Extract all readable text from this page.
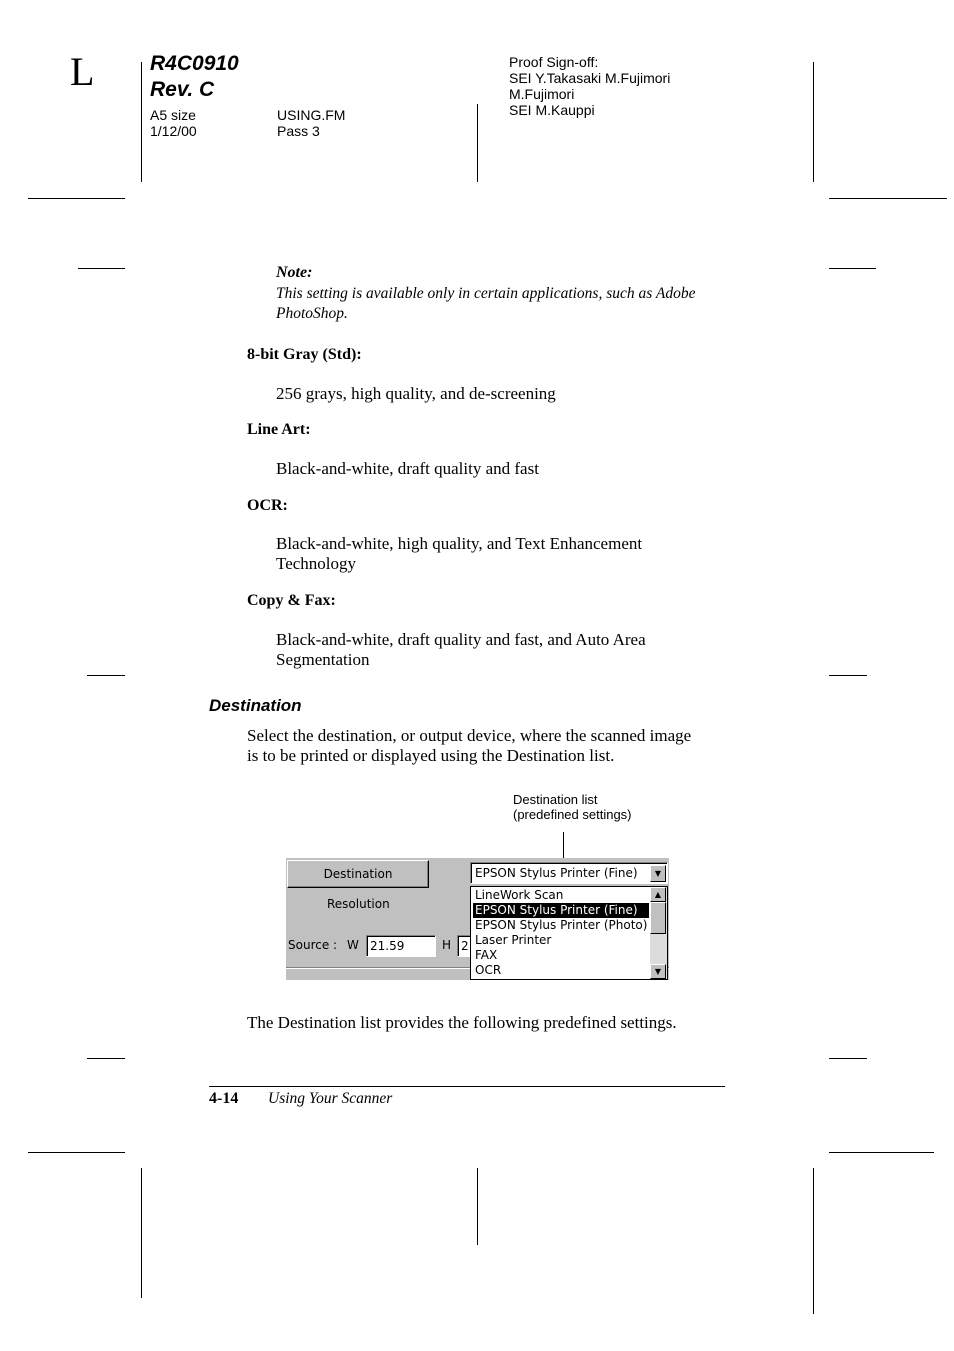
L	R4C0910
Rev. C
A5 size
1/12/00
USING.FM
Pass 3
Proof Sign-off:
SEI Y.Takasaki M.Fujimori
M.Fujimori
SEI M.Kauppi
Note:
This setting is available only in certain applications, such as Adobe
PhotoShop.
8-bit Gray (Std):
256 grays, high quality, and de-screening
Line Art:
Black-and-white, draft quality and fast
OCR:
Black-and-white, high quality, and Text Enhancement
Technology
Copy & Fax:
Black-and-white, draft quality and fast, and Auto Area
Segmentation
Destination
Select the destination, or output device, where the scanned image
is to be printed or displayed using the Destination list.
Destination list
(predefined settings)
Destination
Resolution
Source : W 21.59	H 2
EPSON Stylus Printer (Fine)	▼
LineWork Scan
EPSON Stylus Printer (Fine)
EPSON Stylus Printer (Photo)
Laser Printer
FAX
OCR
▲
▼
The Destination list provides the following predefined settings.
4-14 Using Your Scanner
